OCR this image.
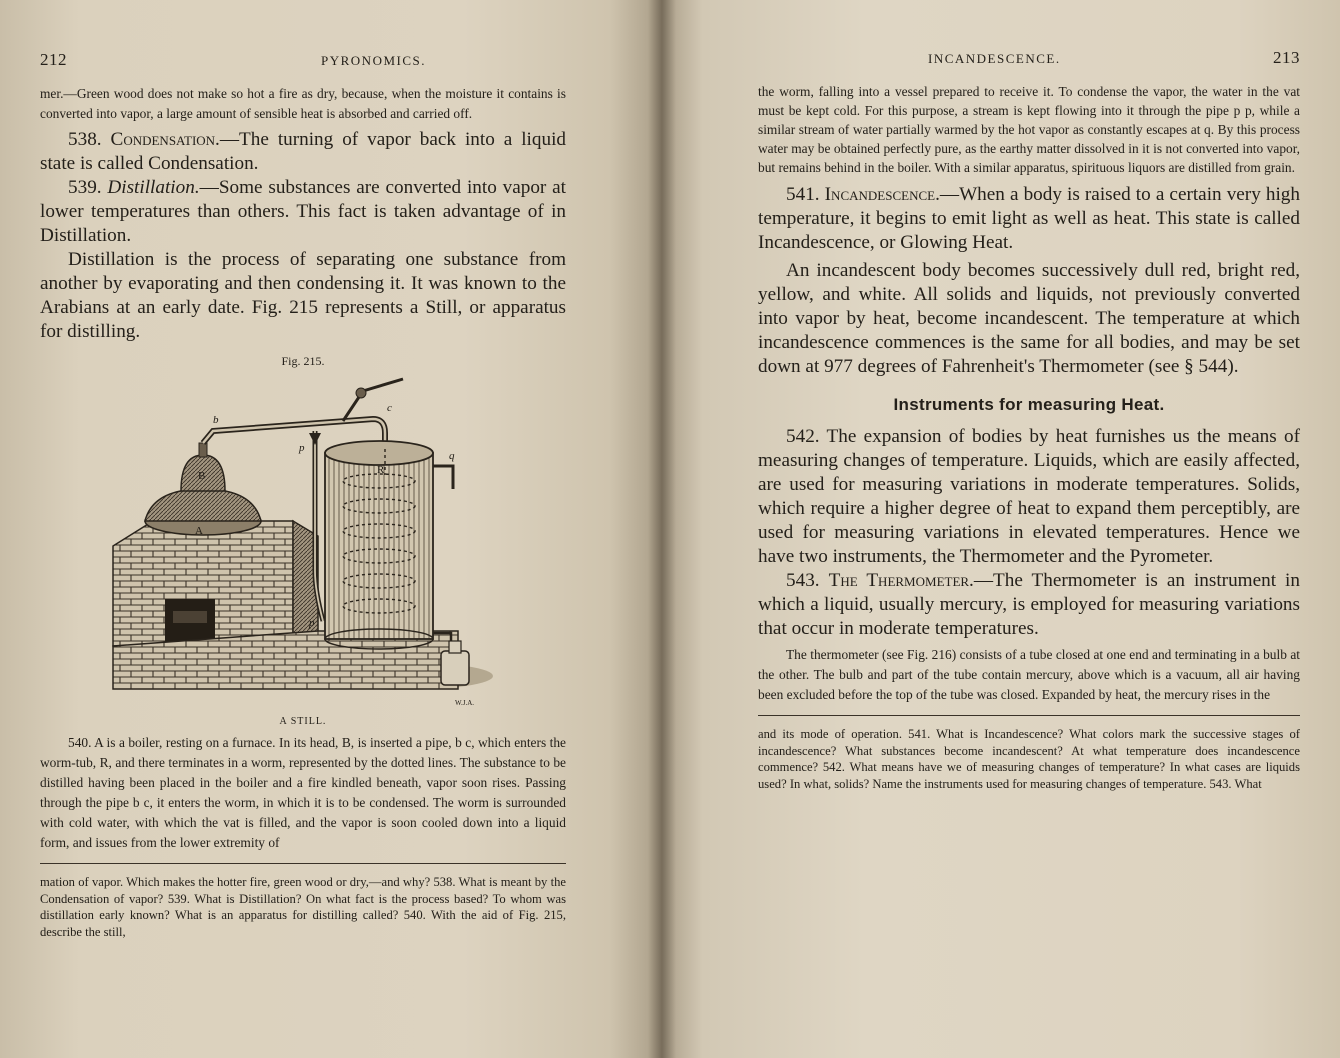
212	PYRONOMICS.

mer.—Green wood does not make so hot a fire as dry, because, when the moisture it contains is converted into vapor, a large amount of sensible heat is absorbed and carried off.

538. Condensation.—The turning of vapor back into a liquid state is called Condensation.

539. Distillation.—Some substances are converted into vapor at lower temperatures than others. This fact is taken advantage of in Distillation.

Distillation is the process of separating one substance from another by evaporating and then condensing it. It was known to the Arabians at an early date. Fig. 215 represents a Still, or apparatus for distilling.

Fig. 215.
A
B
b
c
p
p
R
q
W.J.A.
A STILL.

540. A is a boiler, resting on a furnace. In its head, B, is inserted a pipe, b c, which enters the worm-tub, R, and there terminates in a worm, represented by the dotted lines. The substance to be distilled having been placed in the boiler and a fire kindled beneath, vapor soon rises. Passing through the pipe b c, it enters the worm, in which it is to be condensed. The worm is surrounded with cold water, with which the vat is filled, and the vapor is soon cooled down into a liquid form, and issues from the lower extremity of

mation of vapor. Which makes the hotter fire, green wood or dry,—and why? 538. What is meant by the Condensation of vapor? 539. What is Distillation? On what fact is the process based? To whom was distillation early known? What is an apparatus for distilling called? 540. With the aid of Fig. 215, describe the still,

INCANDESCENCE.	213

the worm, falling into a vessel prepared to receive it. To condense the vapor, the water in the vat must be kept cold. For this purpose, a stream is kept flowing into it through the pipe p p, while a similar stream of water partially warmed by the hot vapor as constantly escapes at q. By this process water may be obtained perfectly pure, as the earthy matter dissolved in it is not converted into vapor, but remains behind in the boiler. With a similar apparatus, spirituous liquors are distilled from grain.

541. Incandescence.—When a body is raised to a certain very high temperature, it begins to emit light as well as heat. This state is called Incandescence, or Glowing Heat.

An incandescent body becomes successively dull red, bright red, yellow, and white. All solids and liquids, not previously converted into vapor by heat, become incandescent. The temperature at which incandescence commences is the same for all bodies, and may be set down at 977 degrees of Fahrenheit's Thermometer (see § 544).

Instruments for measuring Heat.

542. The expansion of bodies by heat furnishes us the means of measuring changes of temperature. Liquids, which are easily affected, are used for measuring variations in moderate temperatures. Solids, which require a higher degree of heat to expand them perceptibly, are used for measuring variations in elevated temperatures. Hence we have two instruments, the Thermometer and the Pyrometer.

543. The Thermometer.—The Thermometer is an instrument in which a liquid, usually mercury, is employed for measuring variations that occur in moderate temperatures.

The thermometer (see Fig. 216) consists of a tube closed at one end and terminating in a bulb at the other. The bulb and part of the tube contain mercury, above which is a vacuum, all air having been excluded before the top of the tube was closed. Expanded by heat, the mercury rises in the

and its mode of operation. 541. What is Incandescence? What colors mark the successive stages of incandescence? What substances become incandescent? At what temperature does incandescence commence? 542. What means have we of measuring changes of temperature? In what cases are liquids used? In what, solids? Name the instruments used for measuring changes of temperature. 543. What
